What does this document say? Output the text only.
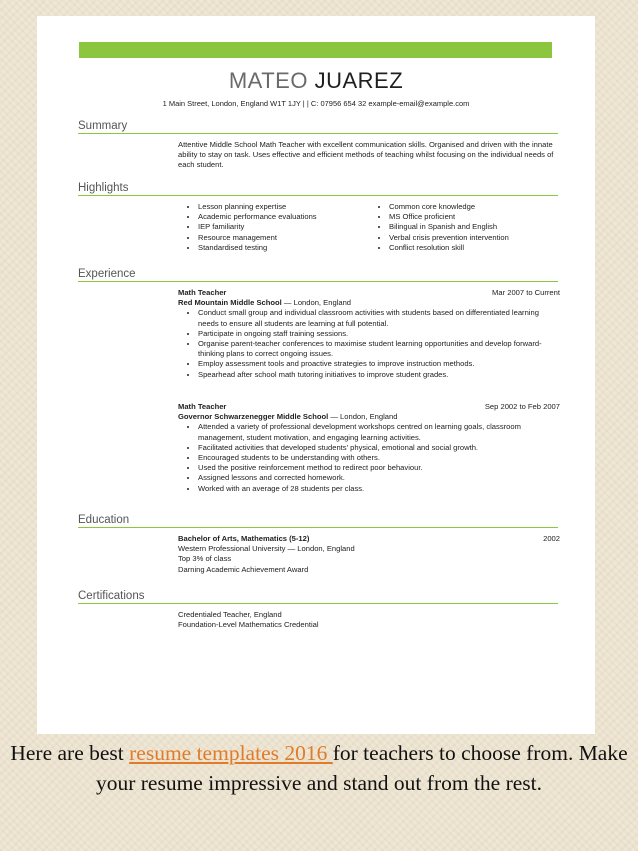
MATEO JUAREZ
1 Main Street, London, England W1T 1JY | | C: 07956 654 32 example-email@example.com
Summary

Attentive Middle School Math Teacher with excellent communication skills. Organised and driven with the innate ability to stay on task. Uses effective and efficient methods of teaching whilst focusing on the individual needs of each student.

Highlights
• Lesson planning expertise
• Academic performance evaluations
• IEP familiarity
• Resource management
• Standardised testing
• Common core knowledge
• MS Office proficient
• Bilingual in Spanish and English
• Verbal crisis prevention intervention
• Conflict resolution skill
Experience
Math Teacher	Mar 2007 to Current
Red Mountain Middle School — London, England
• Conduct small group and individual classroom activities with students based on differentiated learning needs to ensure all students are learning at full potential.
• Participate in ongoing staff training sessions.
• Organise parent-teacher conferences to maximise student learning opportunities and develop forward-thinking plans to correct ongoing issues.
• Employ assessment tools and proactive strategies to improve instruction methods.
• Spearhead after school math tutoring initiatives to improve student grades.
Math Teacher	Sep 2002 to Feb 2007
Governor Schwarzenegger Middle School — London, England
• Attended a variety of professional development workshops centred on learning goals, classroom management, student motivation, and engaging learning activities.
• Facilitated activities that developed students' physical, emotional and social growth.
• Encouraged students to be understanding with others.
• Used the positive reinforcement method to redirect poor behaviour.
• Assigned lessons and corrected homework.
• Worked with an average of 28 students per class.
Education
Bachelor of Arts, Mathematics (5-12)	2002

Western Professional University — London, England

Top 3% of class

Darning Academic Achievement Award

Certifications

Credentialed Teacher, England

Foundation-Level Mathematics Credential

Here are best resume templates 2016 for teachers to choose from. Make your resume impressive and stand out from the rest.
